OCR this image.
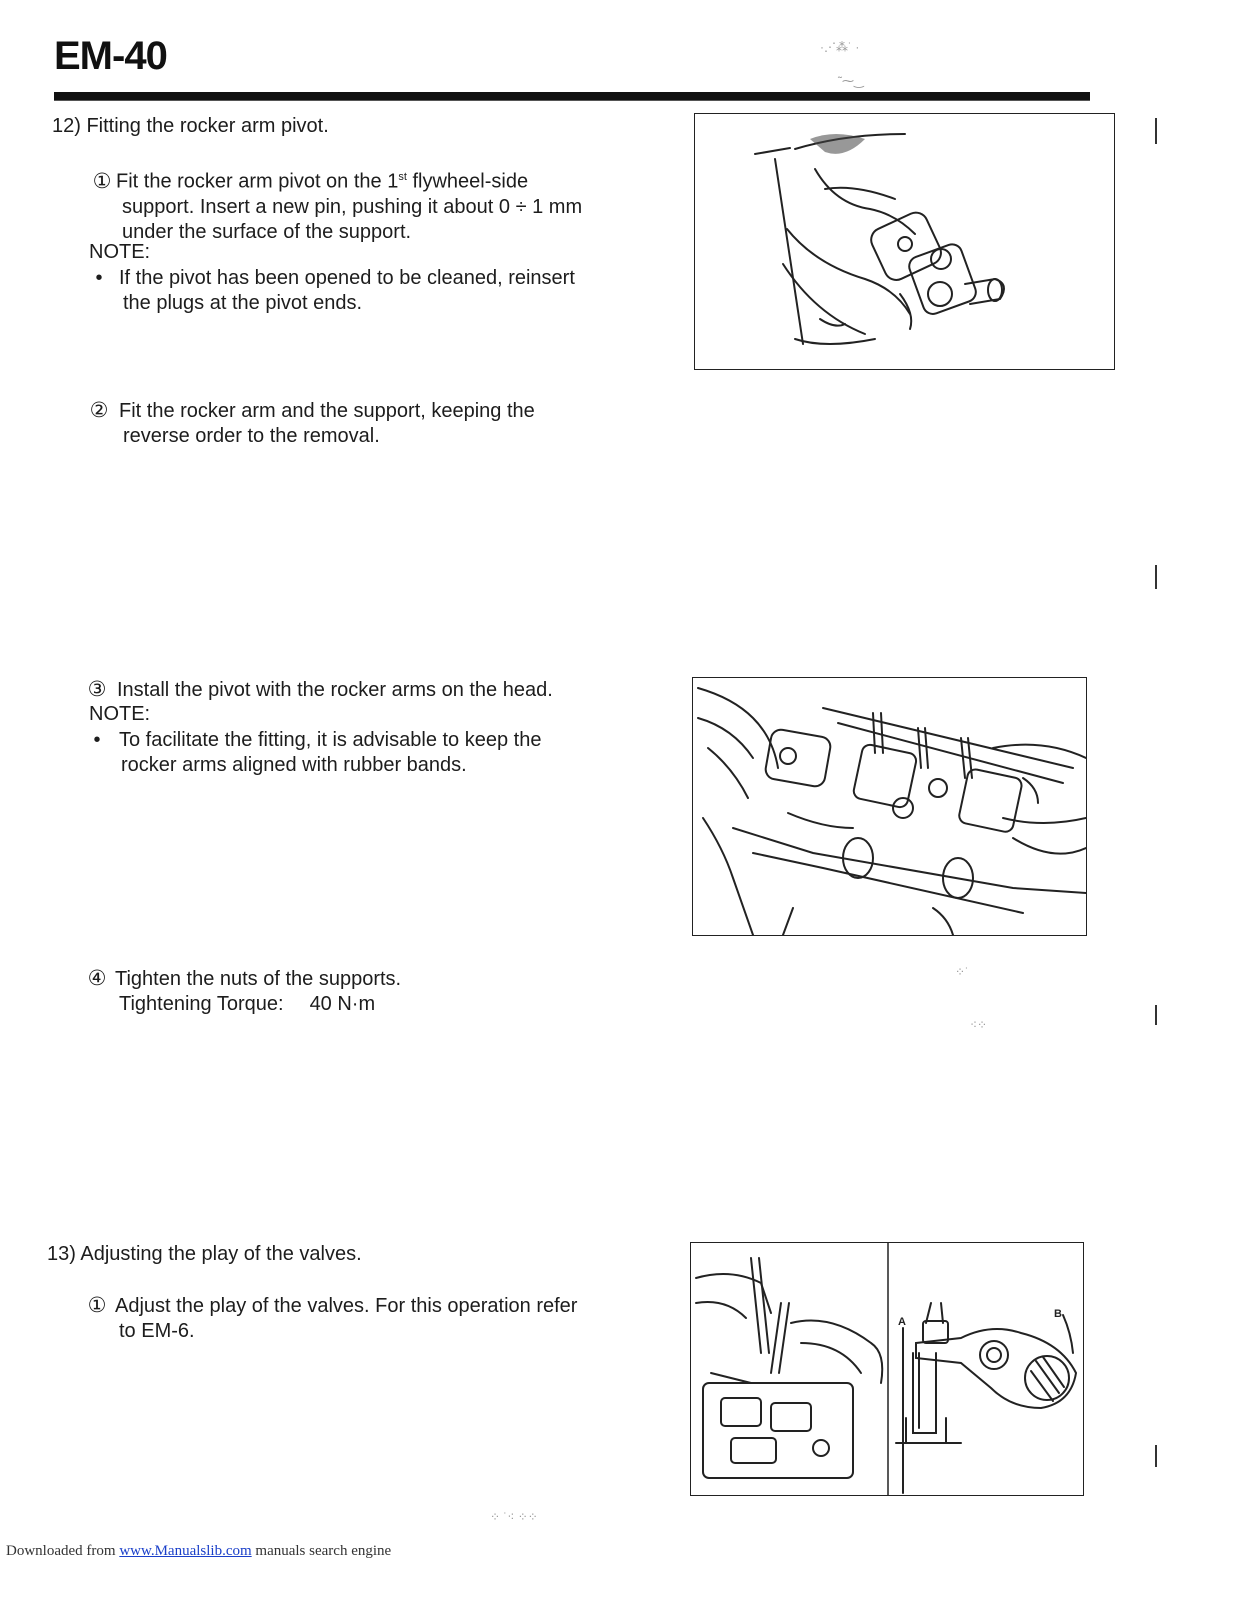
EM-40	·⋰⁂˙ ·
˜⁓‿
12) Fitting the rocker arm pivot.
① Fit the rocker arm pivot on the 1st flywheel-side
support. Insert a new pin, pushing it about 0 ÷ 1 mm
under the surface of the support.
NOTE:
• If the pivot has been opened to be cleaned, reinsert
the plugs at the pivot ends.
② Fit the rocker arm and the support, keeping the
reverse order to the removal.
③ Install the pivot with the rocker arms on the head.
NOTE:
• To facilitate the fitting, it is advisable to keep the
rocker arms aligned with rubber bands.
④ Tighten the nuts of the supports.
Tightening Torque: 40 N·m
13) Adjusting the play of the valves.
① Adjust the play of the valves. For this operation refer
to EM-6.	A
B
⁘˙
⁖⁘
⁘ ˙⁖ ⁘⁘
Downloaded from www.Manualslib.com manuals search engine
